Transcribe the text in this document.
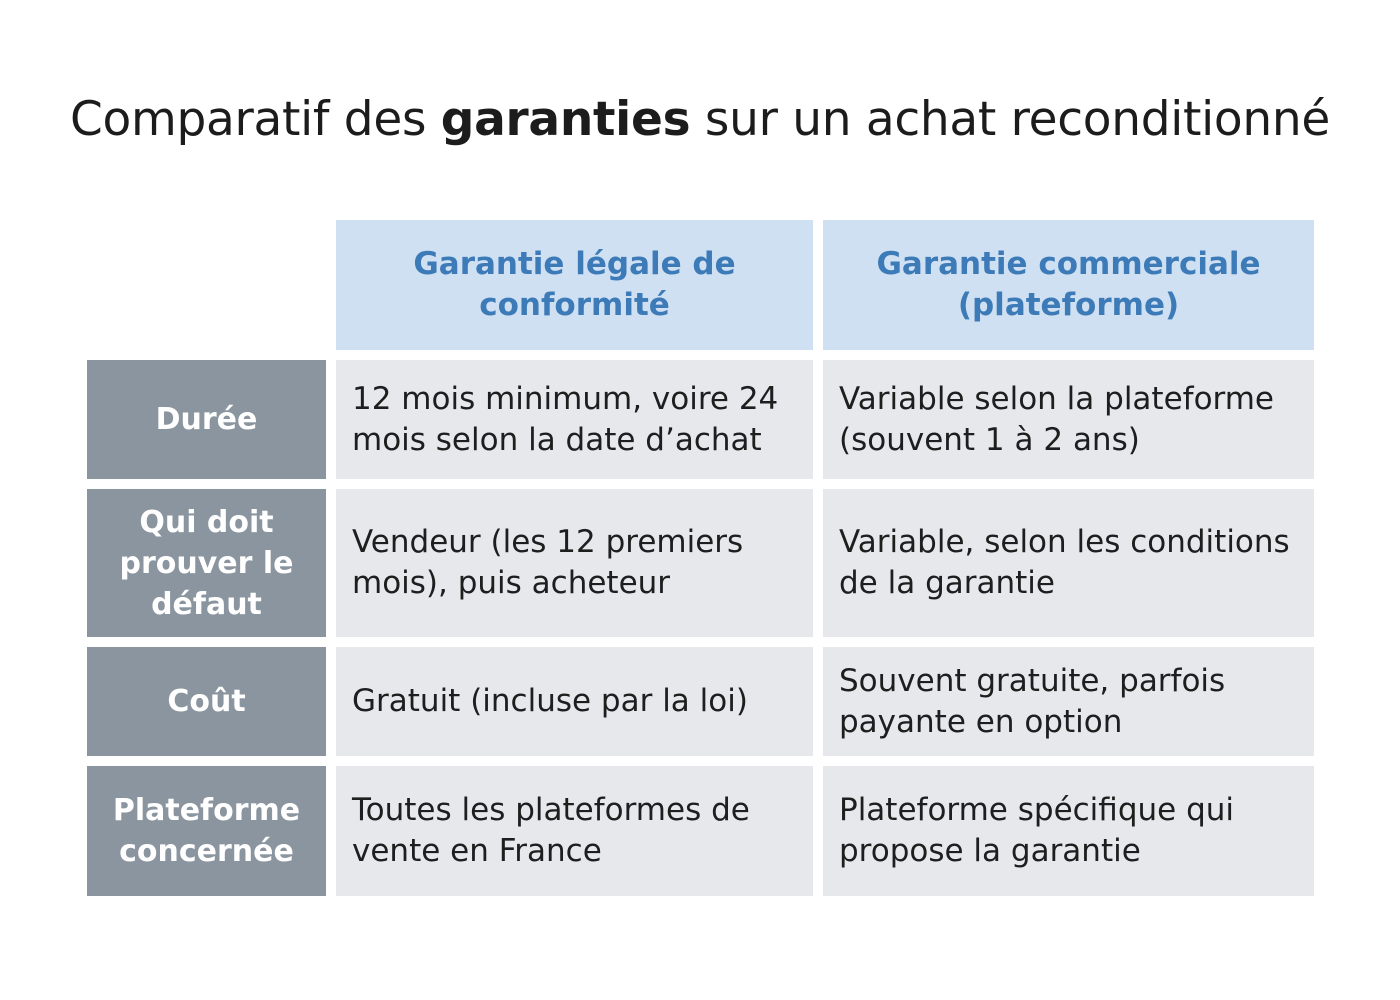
Comparatif des garanties sur un achat reconditionné
Garantie légale de conformité
Garantie commerciale (plateforme)
Durée
12 mois minimum, voire 24 mois selon la date d’achat
Variable selon la plateforme (souvent 1 à 2 ans)
Qui doit prouver le défaut
Vendeur (les 12 premiers mois), puis acheteur
Variable, selon les conditions de la garantie
Coût	Gratuit (incluse par la loi)
Souvent gratuite, parfois payante en option
Plateforme concernée
Toutes les plateformes de vente en France
Plateforme spécifique qui propose la garantie
